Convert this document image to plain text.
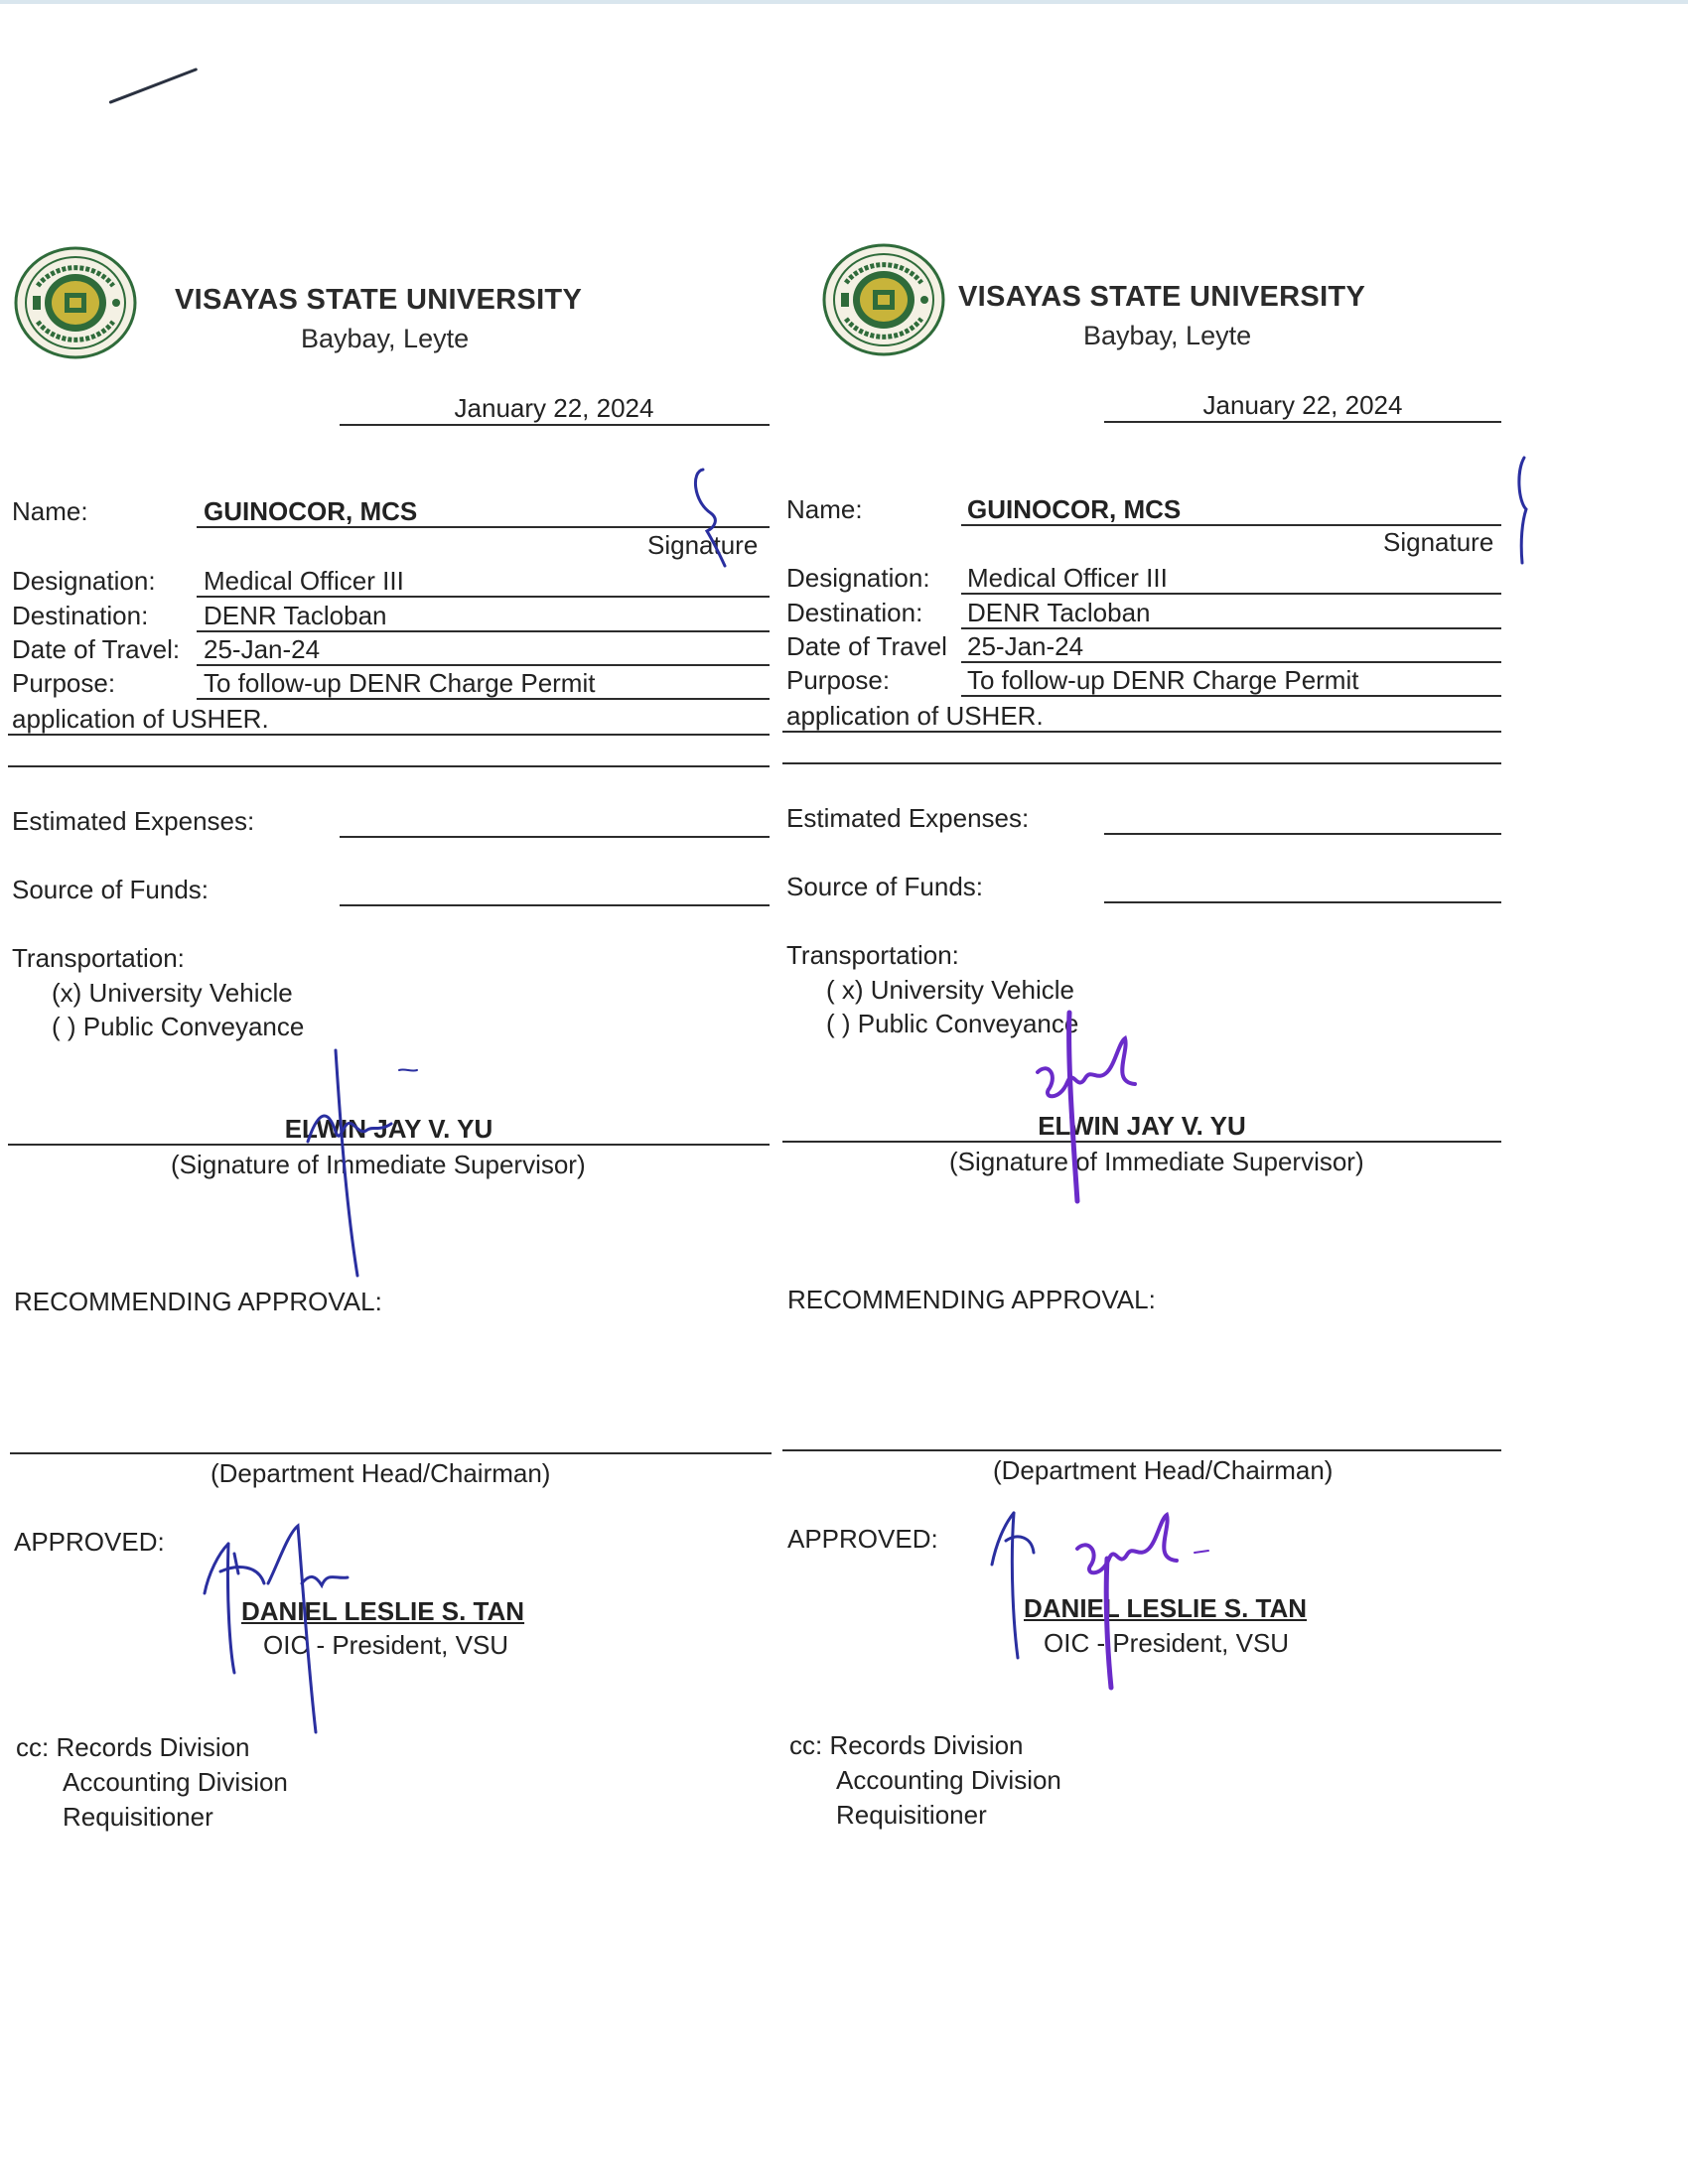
VISAYAS STATE UNIVERSITY
Baybay, Leyte
January 22, 2024
Name:	GUINOCOR, MCS
Signature
Designation: Medical Officer III
Destination: DENR Tacloban
Date of Travel: 25-Jan-24
Purpose:	To follow-up DENR Charge Permit
application of USHER.
Estimated Expenses:
Source of Funds:
Transportation:
(x) University Vehicle
( ) Public Conveyance
ELWIN JAY V. YU
(Signature of Immediate Supervisor)
RECOMMENDING APPROVAL:
(Department Head/Chairman)
APPROVED:
DANIEL LESLIE S. TAN
OIC - President, VSU
cc: Records Division
Accounting Division
Requisitioner
VISAYAS STATE UNIVERSITY
Baybay, Leyte
January 22, 2024
Name:	GUINOCOR, MCS
Signature
Designation: Medical Officer III
Destination: DENR Tacloban
Date of Travel 25-Jan-24
Purpose:	To follow-up DENR Charge Permit
application of USHER.
Estimated Expenses:
Source of Funds:
Transportation:
( x) University Vehicle
( ) Public Conveyance
ELWIN JAY V. YU
(Signature of Immediate Supervisor)
RECOMMENDING APPROVAL:
(Department Head/Chairman)
APPROVED:
DANIEL LESLIE S. TAN
OIC - President, VSU
cc: Records Division
Accounting Division
Requisitioner
